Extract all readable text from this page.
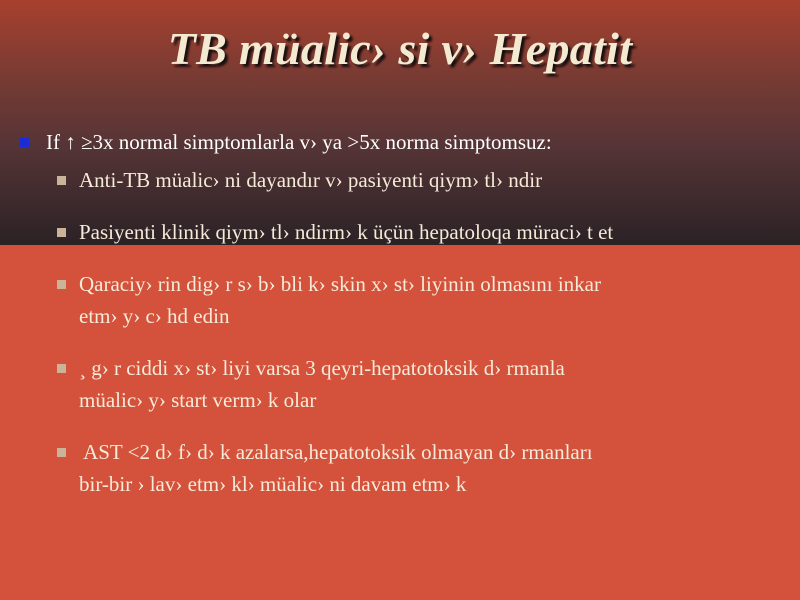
TB müalic› si v› Hepatit
If ↑ ≥3x normal simptomlarla v› ya >5x norma simptomsuz:
Anti-TB müalic› ni dayandır v› pasiyenti qiym› tl› ndir
Pasiyenti klinik qiym› tl› ndirm› k üçün hepatoloqa müraci› t et
Qaraciy› rin dig› r s› b› bli k› skin x› st› liyinin olmasını inkar
etm› y› c› hd edin
¸ g› r ciddi x› st› liyi varsa 3 qeyri-hepatotoksik d› rmanla
müalic› y› start verm› k olar
AST <2 d› f› d› k azalarsa,hepatotoksik olmayan d› rmanları
bir-bir › lav› etm› kl› müalic› ni davam etm› k
